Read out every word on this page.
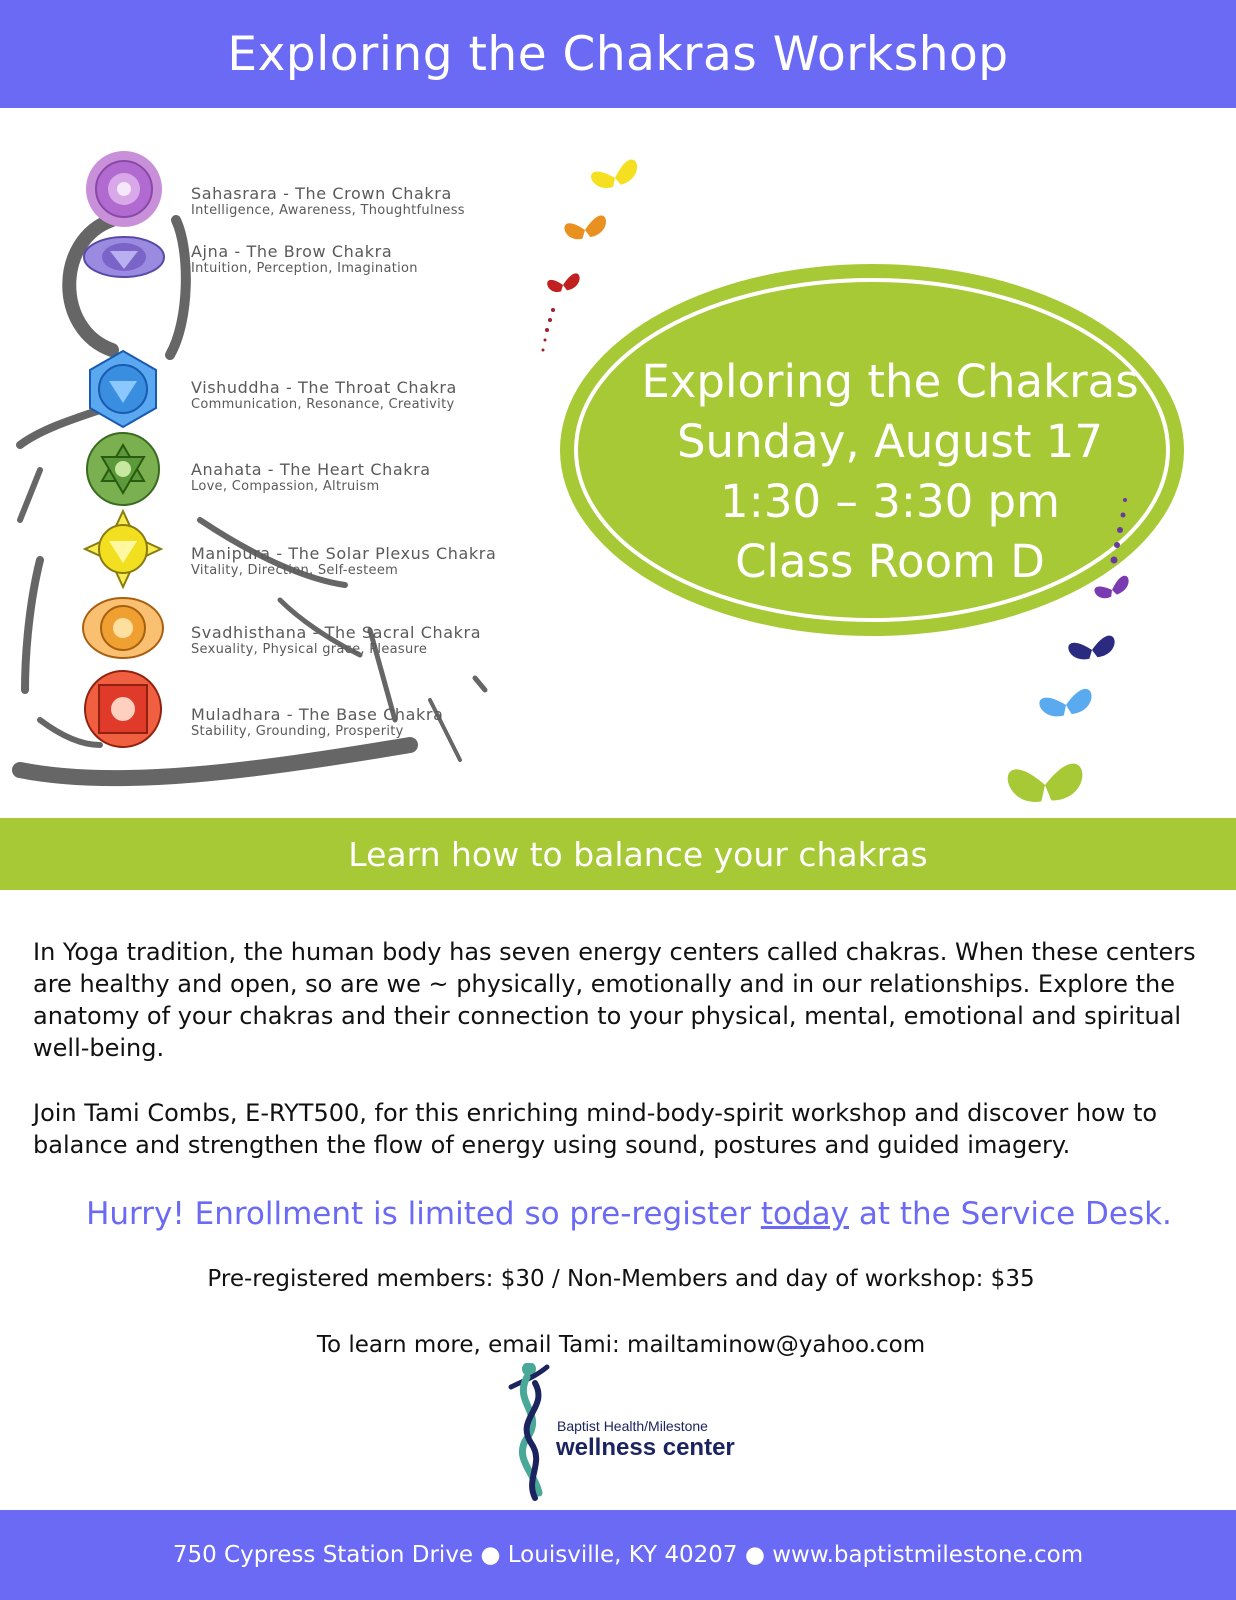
Exploring the Chakras Workshop
Sahasrara - The Crown Chakra
Intelligence, Awareness, Thoughtfulness
Ajna - The Brow Chakra
Intuition, Perception, Imagination
Vishuddha - The Throat Chakra
Communication, Resonance, Creativity
Anahata - The Heart Chakra
Love, Compassion, Altruism
Manipura - The Solar Plexus Chakra
Vitality, Direction, Self-esteem
Svadhisthana - The Sacral Chakra
Sexuality, Physical grace, Pleasure
Muladhara - The Base Chakra
Stability, Grounding, Prosperity
Exploring the Chakras
Sunday, August 17
1:30 – 3:30 pm
Class Room D
Learn how to balance your chakras
In Yoga tradition, the human body has seven energy centers called chakras. When these centers are healthy and open, so are we ~ physically, emotionally and in our relationships. Explore the anatomy of your chakras and their connection to your physical, mental, emotional and spiritual well-being.
Join Tami Combs, E-RYT500, for this enriching mind-body-spirit workshop and discover how to balance and strengthen the flow of energy using sound, postures and guided imagery.
Hurry! Enrollment is limited so pre-register today at the Service Desk.
Pre-registered members: $30 / Non-Members and day of workshop: $35
To learn more, email Tami: mailtaminow@yahoo.com
Baptist Health/Milestone
wellness center
750 Cypress Station Drive ● Louisville, KY 40207 ● www.baptistmilestone.com
